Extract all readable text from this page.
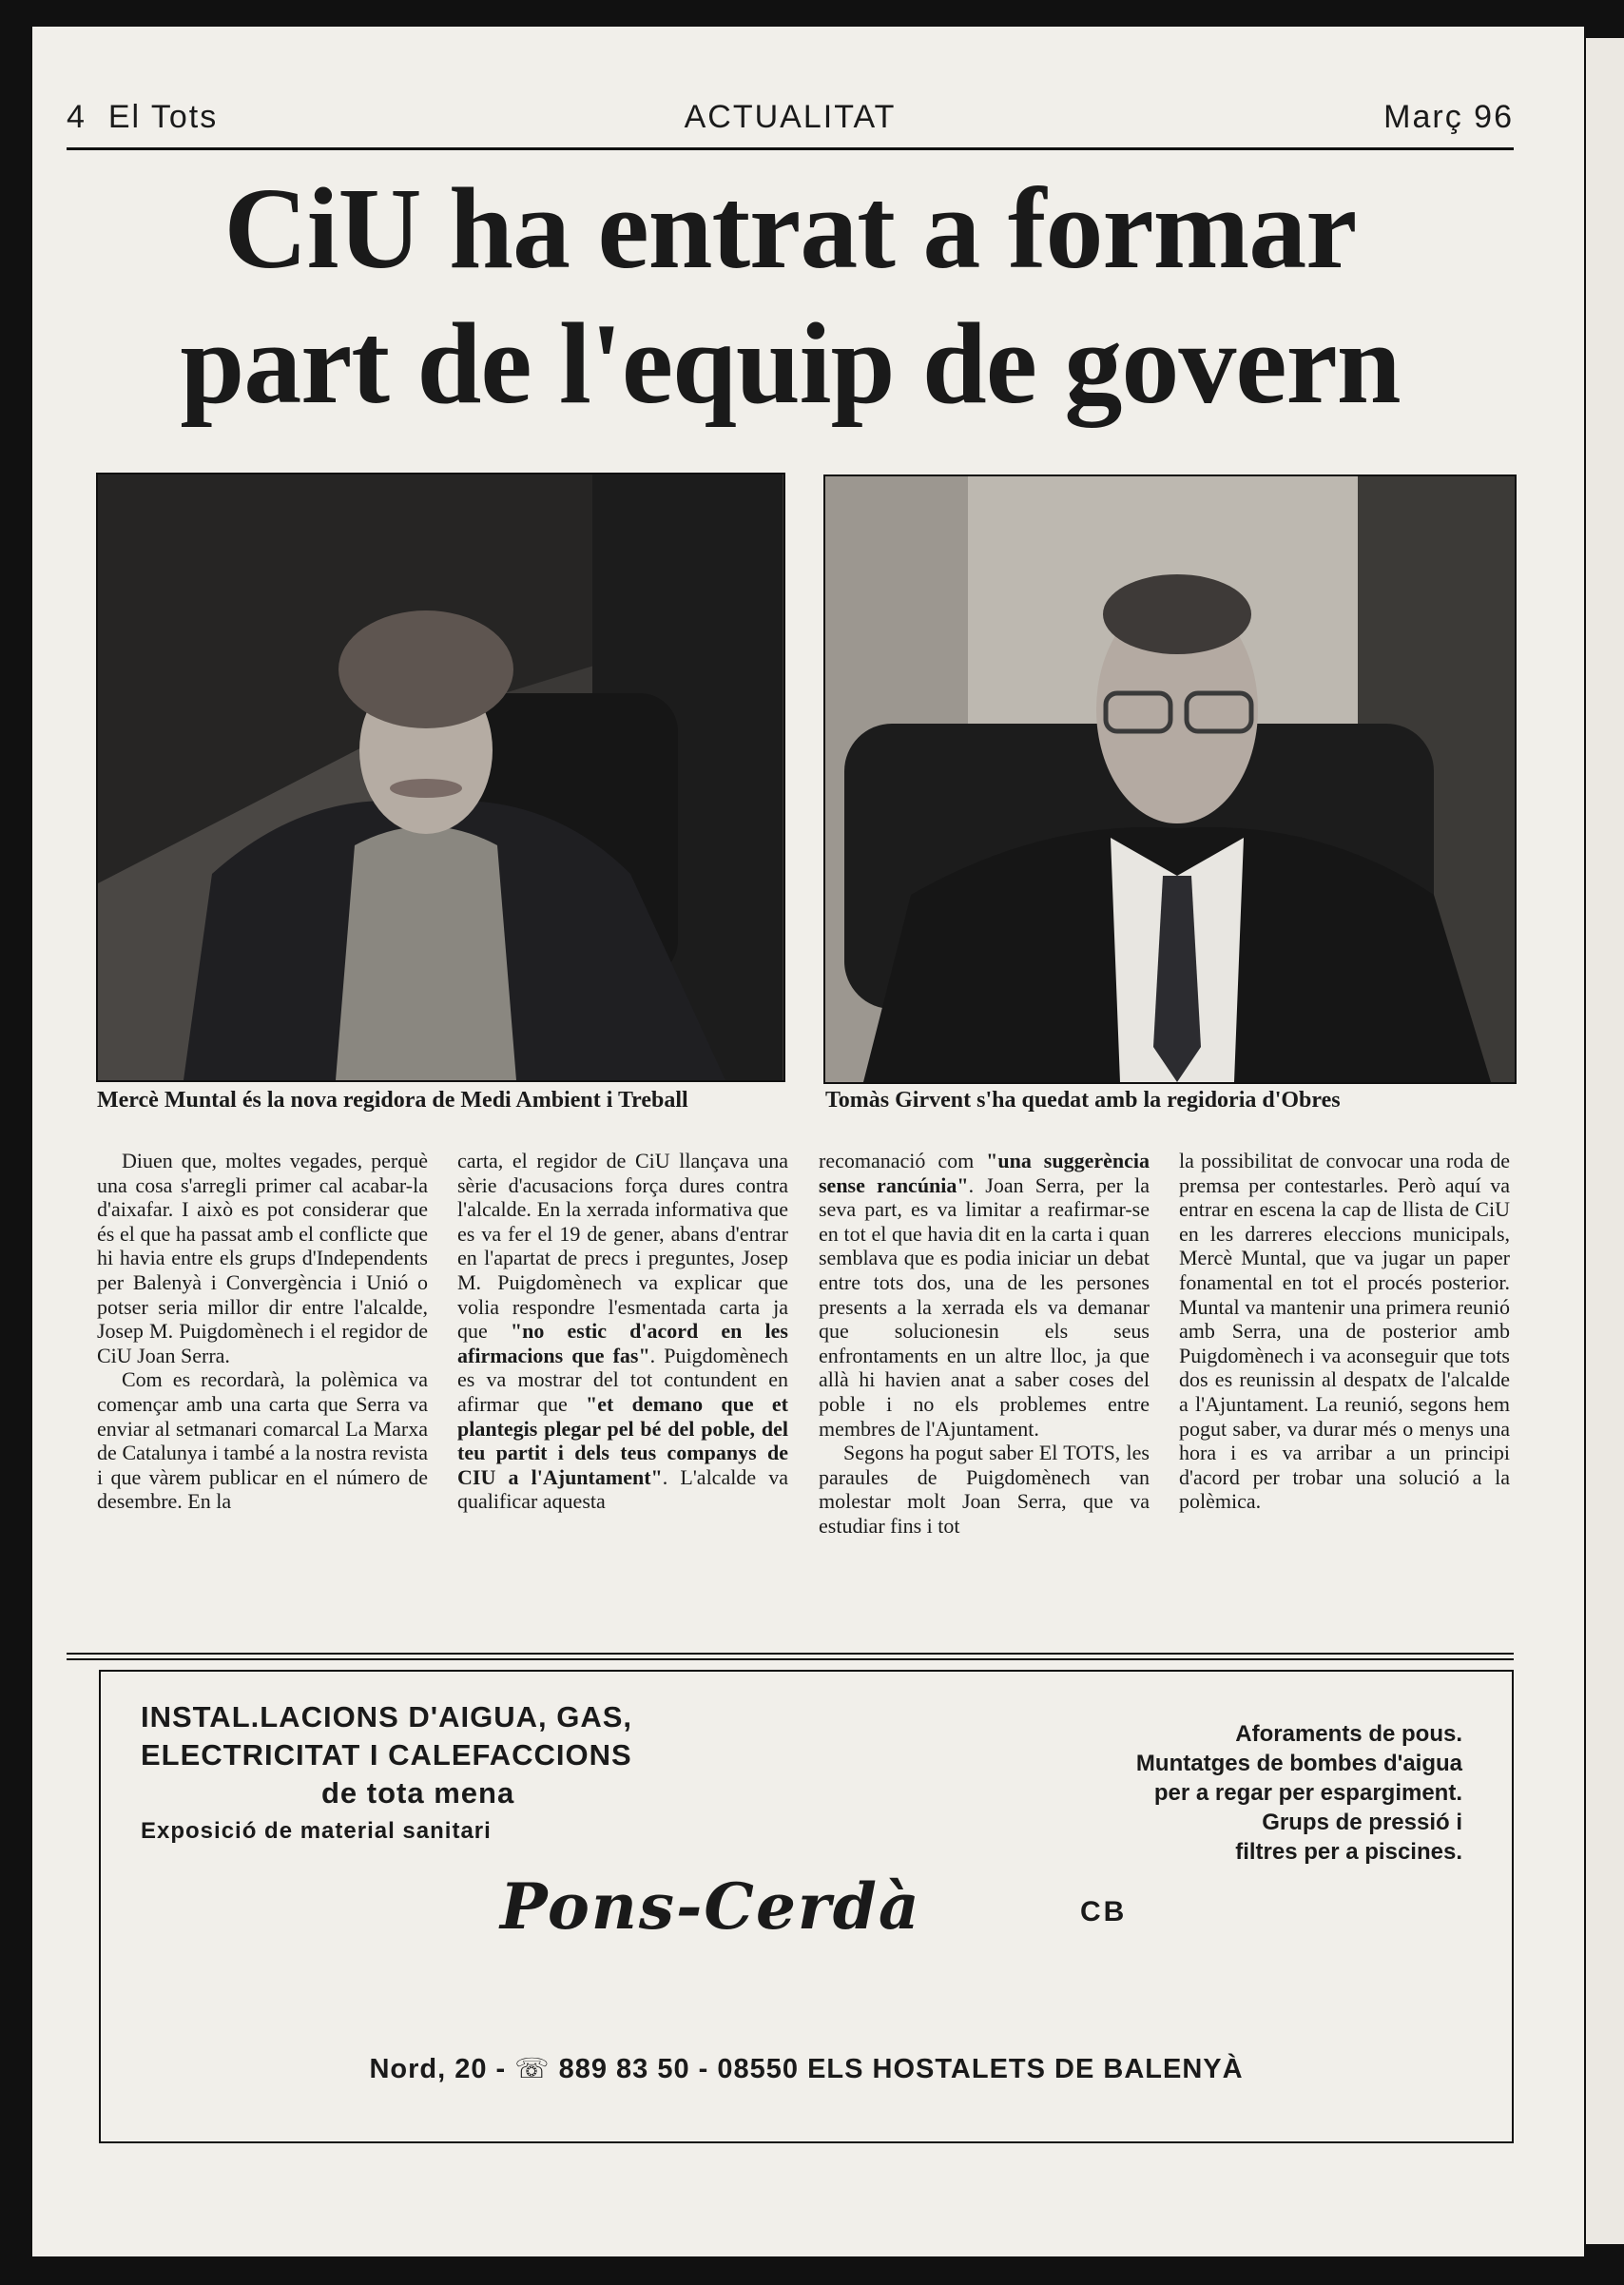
4 El Tots	ACTUALITAT	Març 96
CiU ha entrat a formar
part de l'equip de govern
Mercè Muntal és la nova regidora de Medi Ambient i Treball	Tomàs Girvent s'ha quedat amb la regidoria d'Obres

Diuen que, moltes vegades, perquè una cosa s'arregli primer cal acabar-la d'aixafar. I això es pot considerar que és el que ha passat amb el conflicte que hi havia entre els grups d'Independents per Balenyà i Convergència i Unió o potser seria millor dir entre l'alcalde, Josep M. Puigdomènech i el regidor de CiU Joan Serra.

Com es recordarà, la polèmica va començar amb una carta que Serra va enviar al setmanari comarcal La Marxa de Catalunya i també a la nostra revista i que vàrem publicar en el número de desembre. En la

carta, el regidor de CiU llançava una sèrie d'acusacions força dures contra l'alcalde. En la xerrada informativa que es va fer el 19 de gener, abans d'entrar en l'apartat de precs i preguntes, Josep M. Puigdomènech va explicar que volia respondre l'esmentada carta ja que "no estic d'acord en les afirmacions que fas". Puigdomènech es va mostrar del tot contundent en afirmar que "et demano que et plantegis plegar pel bé del poble, del teu partit i dels teus companys de CIU a l'Ajuntament". L'alcalde va qualificar aquesta

recomanació com "una suggerència sense rancúnia". Joan Serra, per la seva part, es va limitar a reafirmar-se en tot el que havia dit en la carta i quan semblava que es podia iniciar un debat entre tots dos, una de les persones presents a la xerrada els va demanar que solucionesin els seus enfrontaments en un altre lloc, ja que allà hi havien anat a saber coses del poble i no els problemes entre membres de l'Ajuntament.

Segons ha pogut saber El TOTS, les paraules de Puigdomènech van molestar molt Joan Serra, que va estudiar fins i tot

la possibilitat de convocar una roda de premsa per contestarles. Però aquí va entrar en escena la cap de llista de CiU en les darreres eleccions municipals, Mercè Muntal, que va jugar un paper fonamental en tot el procés posterior. Muntal va mantenir una primera reunió amb Serra, una de posterior amb Puigdomènech i va aconseguir que tots dos es reunissin al despatx de l'alcalde a l'Ajuntament. La reunió, segons hem pogut saber, va durar més o menys una hora i es va arribar a un principi d'acord per trobar una solució a la polèmica.

INSTAL.LACIONS D'AIGUA, GAS,
ELECTRICITAT I CALEFACCIONS
de tota mena
Exposició de material sanitari
Aforaments de pous.
Muntatges de bombes d'aigua
per a regar per espargiment.
Grups de pressió i
filtres per a piscines.
Pons-Cerdà	CB
Nord, 20 - ☏ 889 83 50 - 08550 ELS HOSTALETS DE BALENYÀ
